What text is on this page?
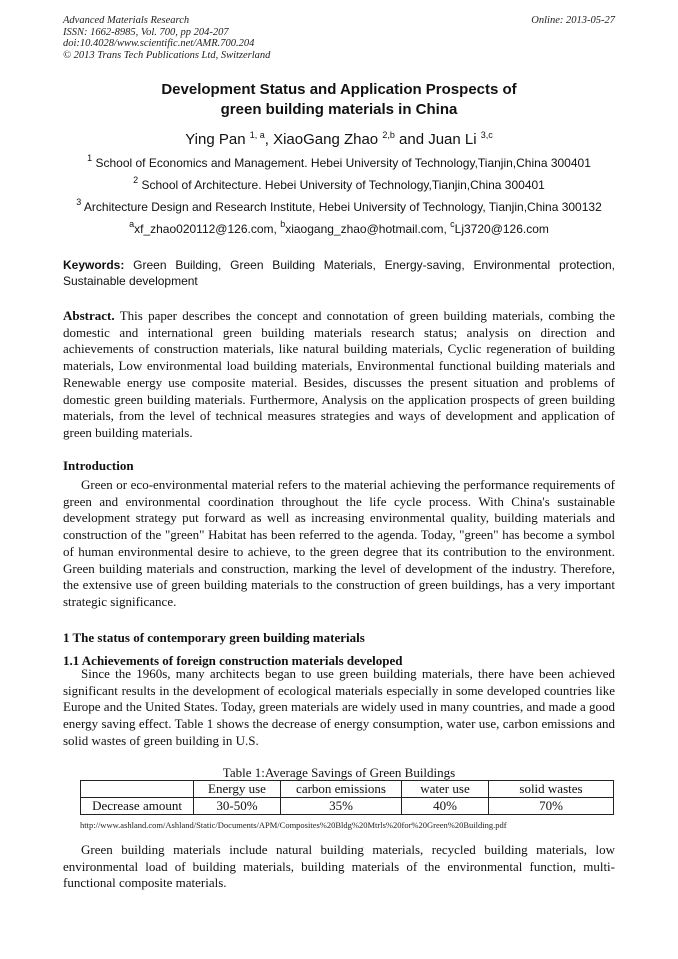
Advanced Materials Research
ISSN: 1662-8985, Vol. 700, pp 204-207
doi:10.4028/www.scientific.net/AMR.700.204
© 2013 Trans Tech Publications Ltd, Switzerland
Online: 2013-05-27
Development Status and Application Prospects of
green building materials in China
Ying Pan $^{1, a}$, XiaoGang Zhao $^{2,b}$ and Juan Li $^{3,c}$
$^1$ School of Economics and Management. Hebei University of Technology,Tianjin,China 300401
$^2$ School of Architecture. Hebei University of Technology,Tianjin,China 300401
$^3$ Architecture Design and Research Institute, Hebei University of Technology, Tianjin,China 300132
$^a$xf_zhao020112@126.com, $^b$xiaogang_zhao@hotmail.com, $^c$Lj3720@126.com
Keywords: Green Building, Green Building Materials, Energy-saving, Environmental protection, Sustainable development
Abstract. This paper describes the concept and connotation of green building materials, combing the domestic and international green building materials research status; analysis on direction and achievements of construction materials, like natural building materials, Cyclic regeneration of building materials, Low environmental load building materials, Environmental functional building materials and Renewable energy use composite material. Besides, discusses the present situation and problems of domestic green building materials. Furthermore, Analysis on the application prospects of green building materials, from the level of technical measures strategies and ways of development and application of green building materials.
Introduction
Green or eco-environmental material refers to the material achieving the performance requirements of green and environmental coordination throughout the life cycle process. With China's sustainable development strategy put forward as well as increasing environmental quality, building materials and construction of the "green" Habitat has been referred to the agenda. Today, "green" has become a symbol of human environmental desire to achieve, to the green degree that its contribution to the environment. Green building materials and construction, marking the level of development of the industry. Therefore, the extensive use of green building materials to the construction of green buildings, has a very important strategic significance.
1 The status of contemporary green building materials
1.1 Achievements of foreign construction materials developed
Since the 1960s, many architects began to use green building materials, there have been achieved significant results in the development of ecological materials especially in some developed countries like Europe and the United States. Today, green materials are widely used in many countries, and made a good energy saving effect. Table 1 shows the decrease of energy consumption, water use, carbon emissions and solid wastes of green building in U.S.
Table 1:Average Savings of Green Buildings
	Energy use	carbon emissions	water use	solid wastes
Decrease amount	30-50%	35%	40%	70%
http://www.ashland.com/Ashland/Static/Documents/APM/Composites%20Bldg%20Mtrls%20for%20Green%20Building.pdf
Green building materials include natural building materials, recycled building materials, low environmental load of building materials, building materials of the environmental function, multi-functional composite materials.
